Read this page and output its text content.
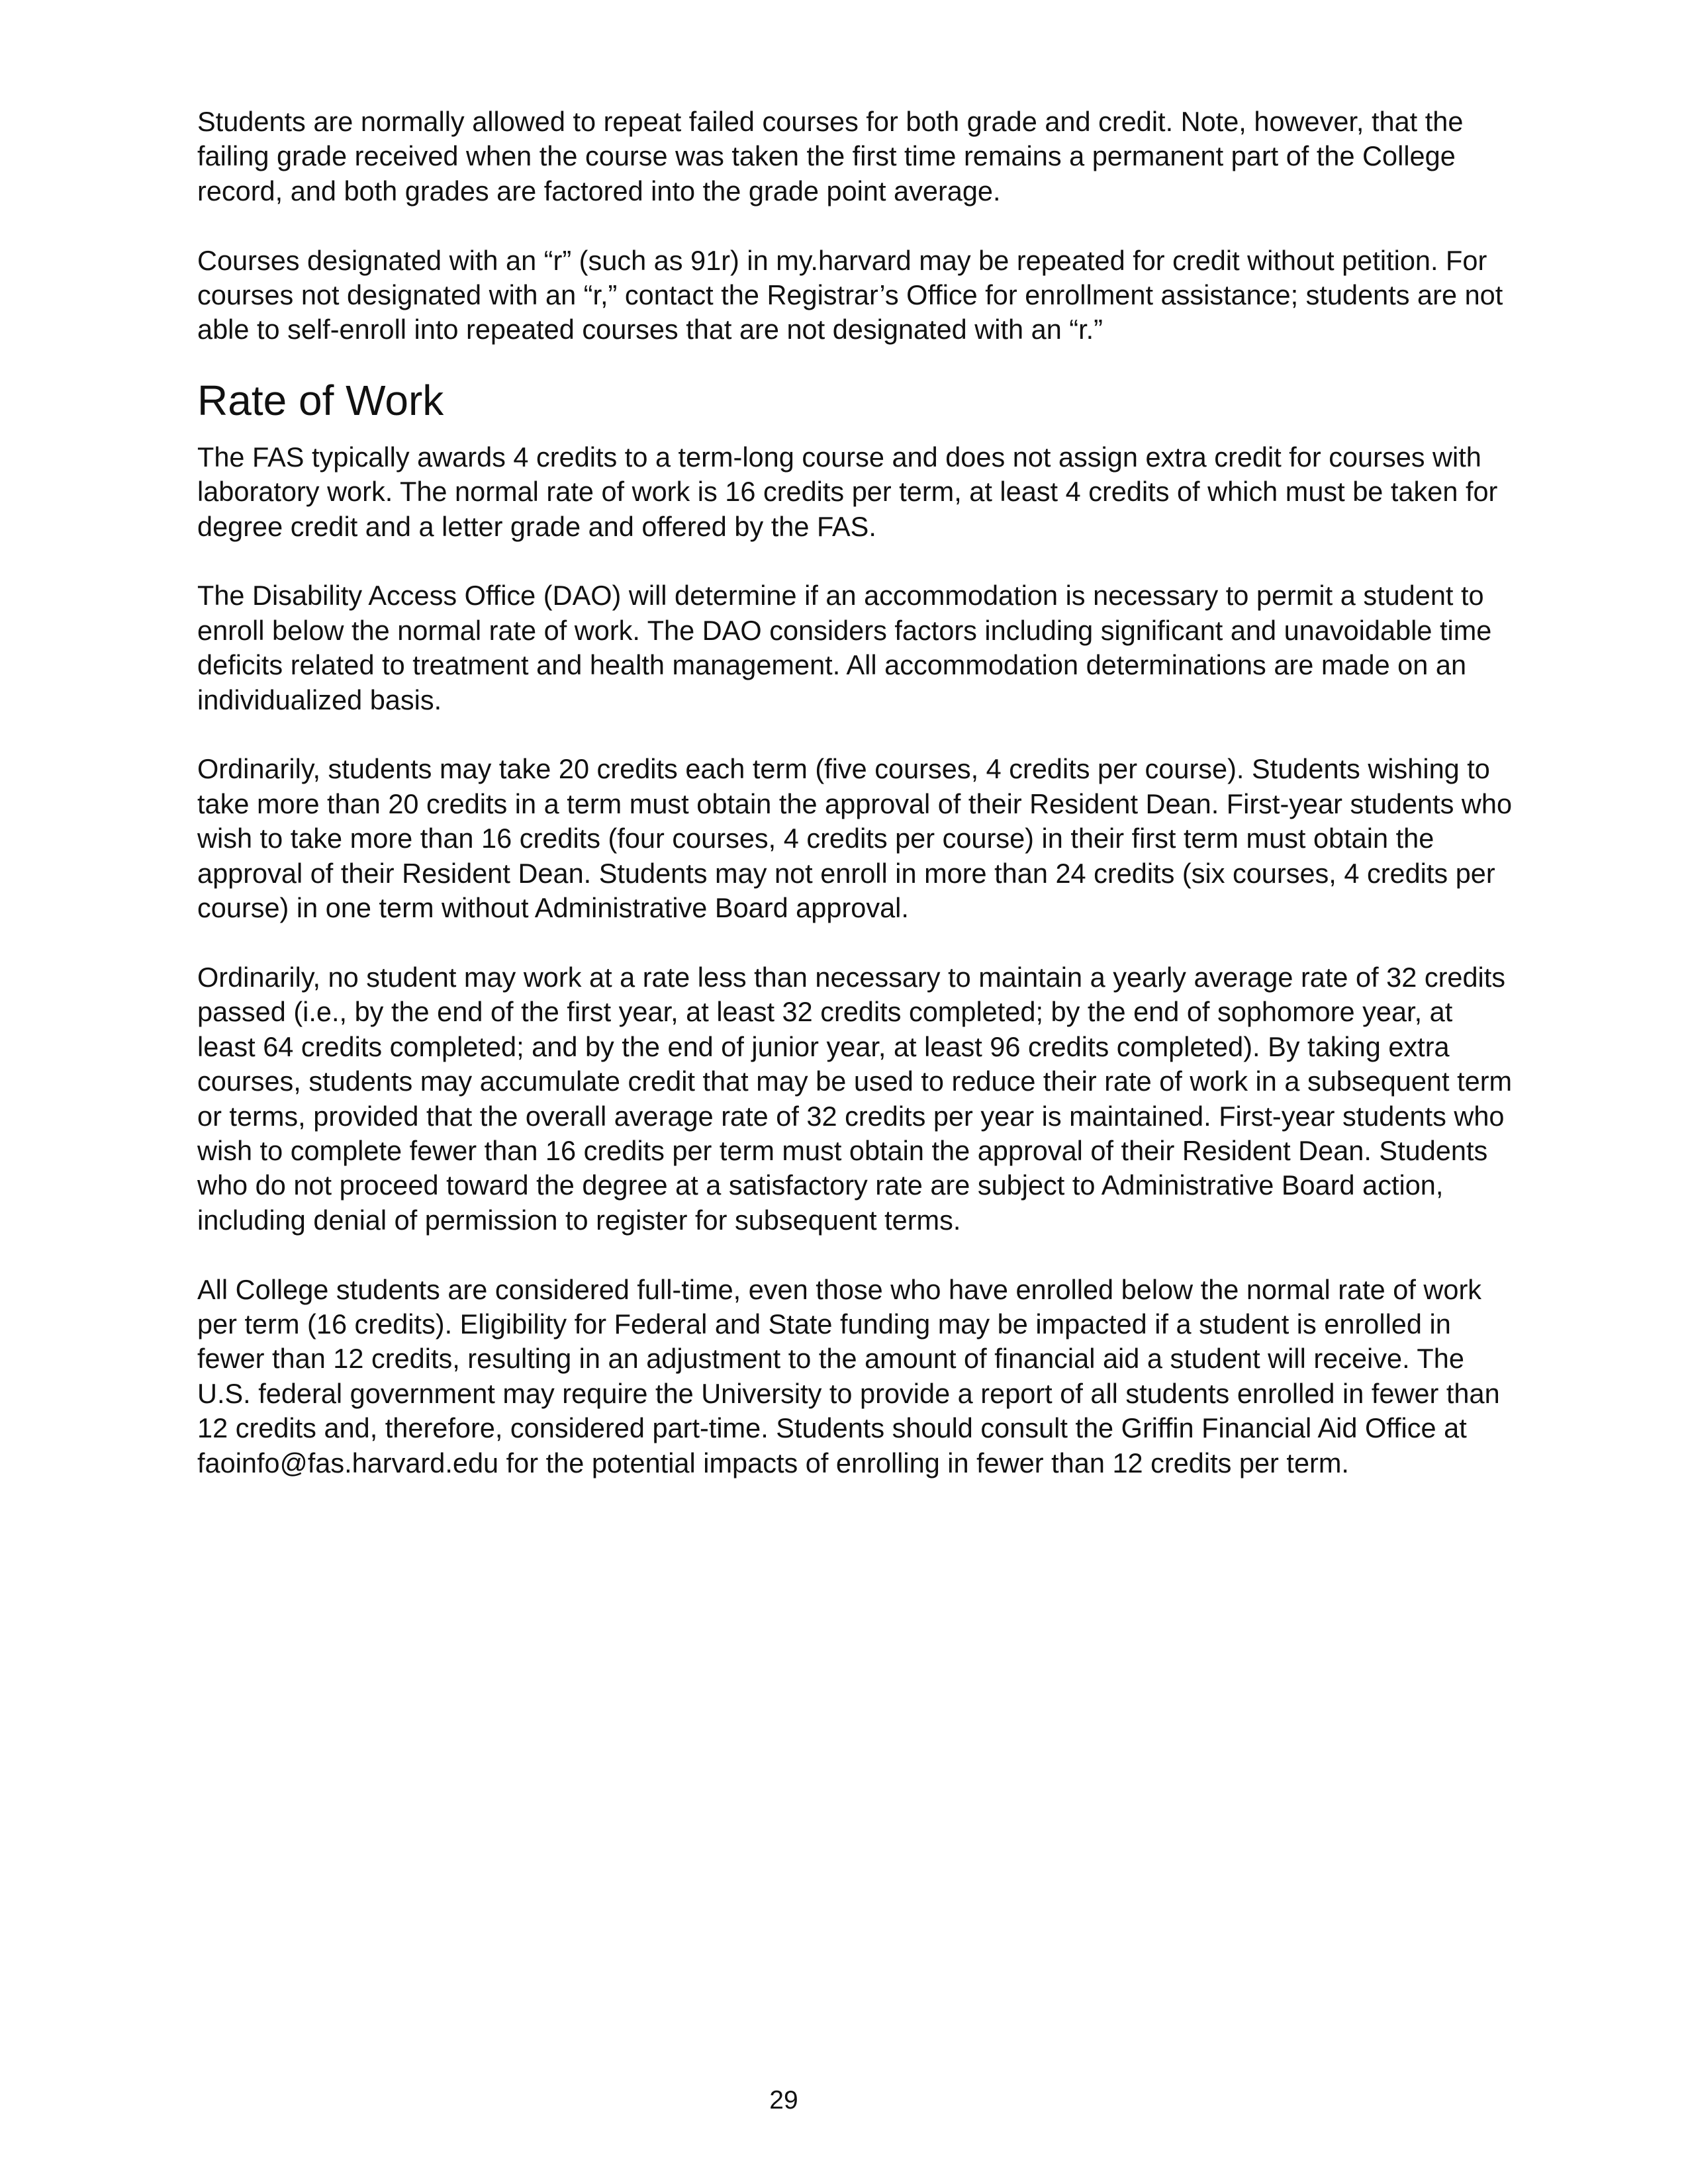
Students are normally allowed to repeat failed courses for both grade and credit. Note, however, that the failing grade received when the course was taken the first time remains a permanent part of the College record, and both grades are factored into the grade point average.

Courses designated with an “r” (such as 91r) in my.harvard may be repeated for credit without petition. For courses not designated with an “r,” contact the Registrar’s Office for enrollment assistance; students are not able to self-enroll into repeated courses that are not designated with an “r.”

Rate of Work

The FAS typically awards 4 credits to a term-long course and does not assign extra credit for courses with laboratory work. The normal rate of work is 16 credits per term, at least 4 credits of which must be taken for degree credit and a letter grade and offered by the FAS.

The Disability Access Office (DAO) will determine if an accommodation is necessary to permit a student to enroll below the normal rate of work. The DAO considers factors including significant and unavoidable time deficits related to treatment and health management. All accommodation determinations are made on an individualized basis.

Ordinarily, students may take 20 credits each term (five courses, 4 credits per course). Students wishing to take more than 20 credits in a term must obtain the approval of their Resident Dean. First-year students who wish to take more than 16 credits (four courses, 4 credits per course) in their first term must obtain the approval of their Resident Dean. Students may not enroll in more than 24 credits (six courses, 4 credits per course) in one term without Administrative Board approval.

Ordinarily, no student may work at a rate less than necessary to maintain a yearly average rate of 32 credits passed (i.e., by the end of the first year, at least 32 credits completed; by the end of sophomore year, at least 64 credits completed; and by the end of junior year, at least 96 credits completed). By taking extra courses, students may accumulate credit that may be used to reduce their rate of work in a subsequent term or terms, provided that the overall average rate of 32 credits per year is maintained. First-year students who wish to complete fewer than 16 credits per term must obtain the approval of their Resident Dean. Students who do not proceed toward the degree at a satisfactory rate are subject to Administrative Board action, including denial of permission to register for subsequent terms.

All College students are considered full-time, even those who have enrolled below the normal rate of work per term (16 credits). Eligibility for Federal and State funding may be impacted if a student is enrolled in fewer than 12 credits, resulting in an adjustment to the amount of financial aid a student will receive. The U.S. federal government may require the University to provide a report of all students enrolled in fewer than 12 credits and, therefore, considered part-time. Students should consult the Griffin Financial Aid Office at faoinfo@fas.harvard.edu for the potential impacts of enrolling in fewer than 12 credits per term.

29
